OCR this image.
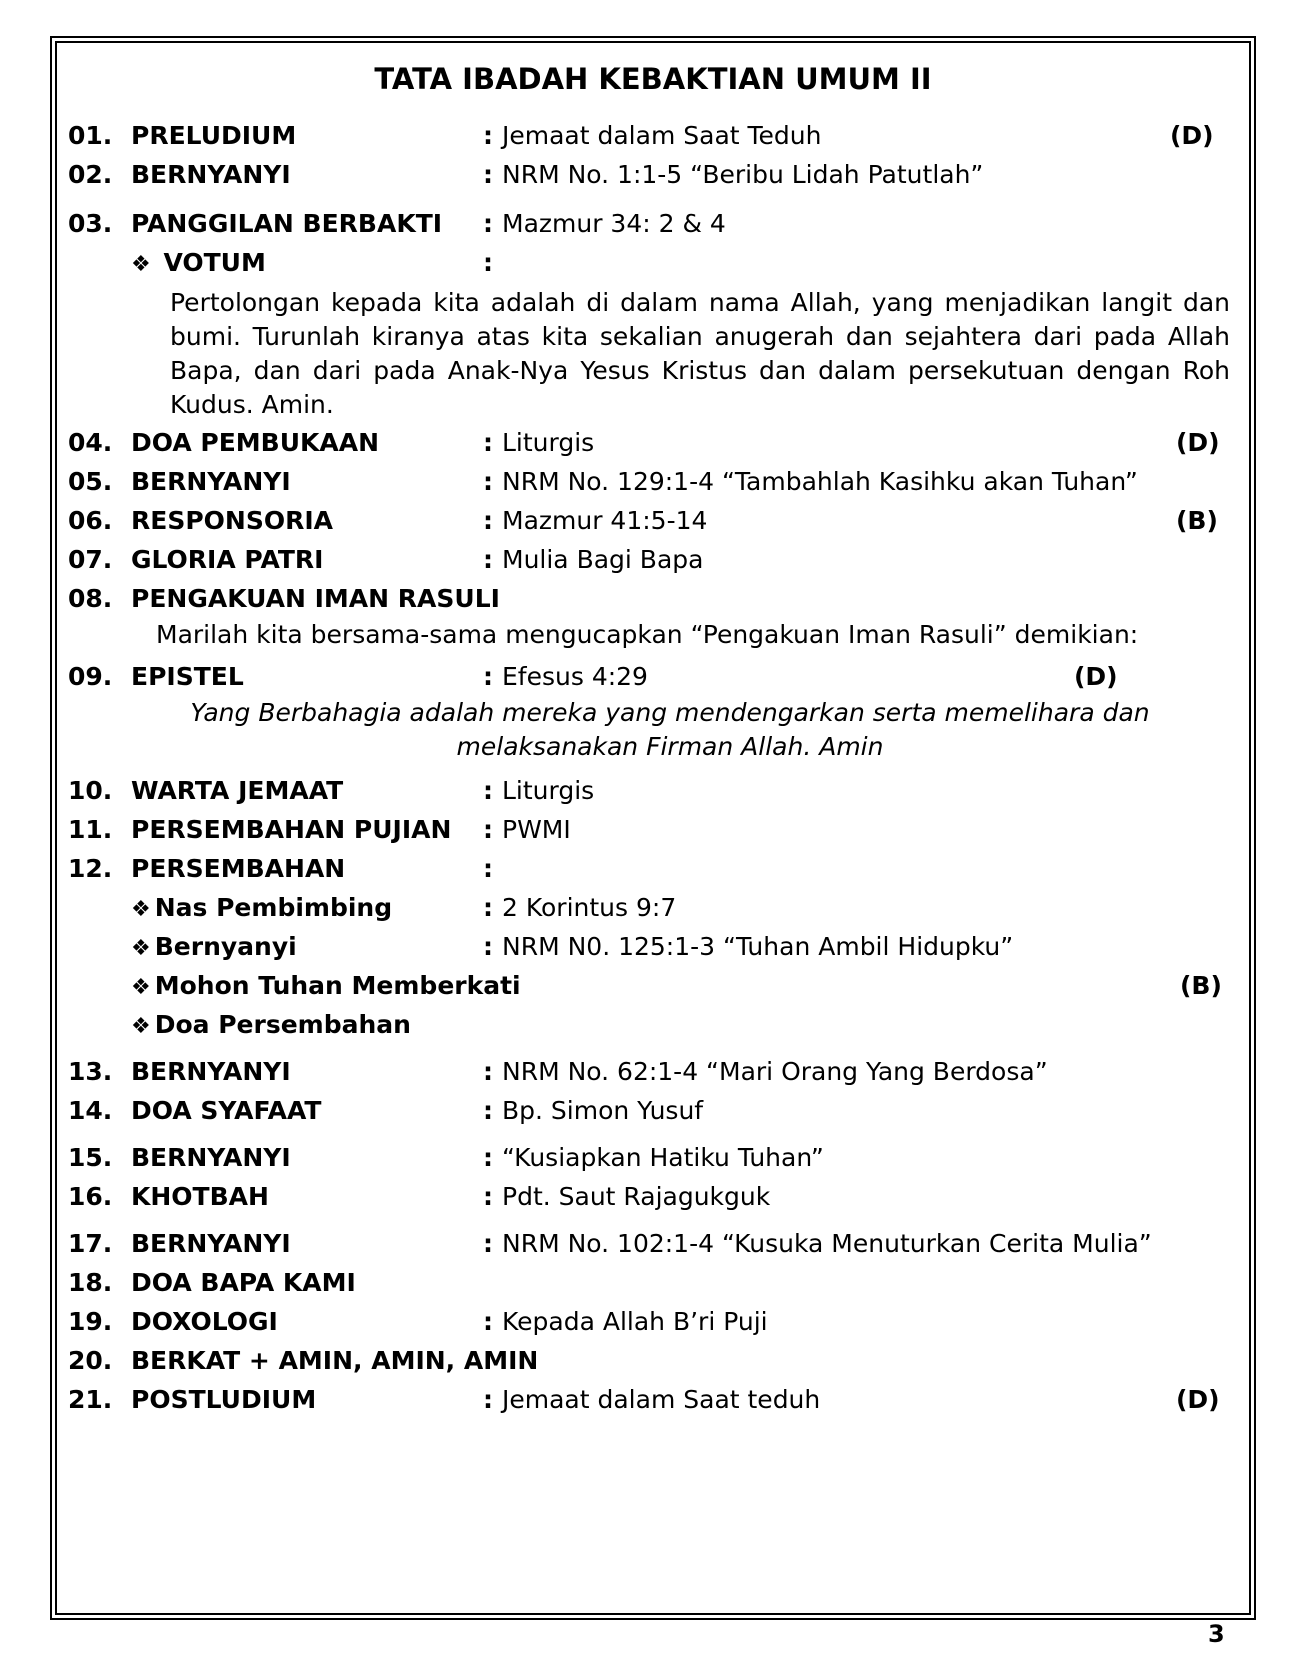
TATA IBADAH KEBAKTIAN UMUM II
01. PRELUDIUM	: Jemaat dalam Saat Teduh	(D)
02. BERNYANYI	: NRM No. 1:1-5 “Beribu Lidah Patutlah”
03. PANGGILAN BERBAKTI : Mazmur 34: 2 & 4
❖ VOTUM	:
Pertolongan kepada kita adalah di dalam nama Allah, yang menjadikan langit dan bumi. Turunlah kiranya atas kita sekalian anugerah dan sejahtera dari pada Allah Bapa, dan dari pada Anak-Nya Yesus Kristus dan dalam persekutuan dengan Roh Kudus. Amin.
04. DOA PEMBUKAAN	: Liturgis	(D)
05. BERNYANYI	: NRM No. 129:1-4 “Tambahlah Kasihku akan Tuhan”
06. RESPONSORIA	: Mazmur 41:5-14	(B)
07. GLORIA PATRI	: Mulia Bagi Bapa
08. PENGAKUAN IMAN RASULI
Marilah kita bersama-sama mengucapkan “Pengakuan Iman Rasuli” demikian:
09. EPISTEL	: Efesus 4:29	(D)
Yang Berbahagia adalah mereka yang mendengarkan serta memelihara dan melaksanakan Firman Allah. Amin
10. WARTA JEMAAT	: Liturgis
11. PERSEMBAHAN PUJIAN : PWMI
12. PERSEMBAHAN	:
❖ Nas Pembimbing	: 2 Korintus 9:7
❖ Bernyanyi	: NRM N0. 125:1-3 “Tuhan Ambil Hidupku”
❖ Mohon Tuhan Memberkati	(B)
❖ Doa Persembahan
13. BERNYANYI	: NRM No. 62:1-4 “Mari Orang Yang Berdosa”
14. DOA SYAFAAT	: Bp. Simon Yusuf
15. BERNYANYI	: “Kusiapkan Hatiku Tuhan”
16. KHOTBAH	: Pdt. Saut Rajagukguk
17. BERNYANYI	: NRM No. 102:1-4 “Kusuka Menuturkan Cerita Mulia”
18. DOA BAPA KAMI
19. DOXOLOGI	: Kepada Allah B’ri Puji
20. BERKAT + AMIN, AMIN, AMIN
21. POSTLUDIUM	: Jemaat dalam Saat teduh	(D)
3
